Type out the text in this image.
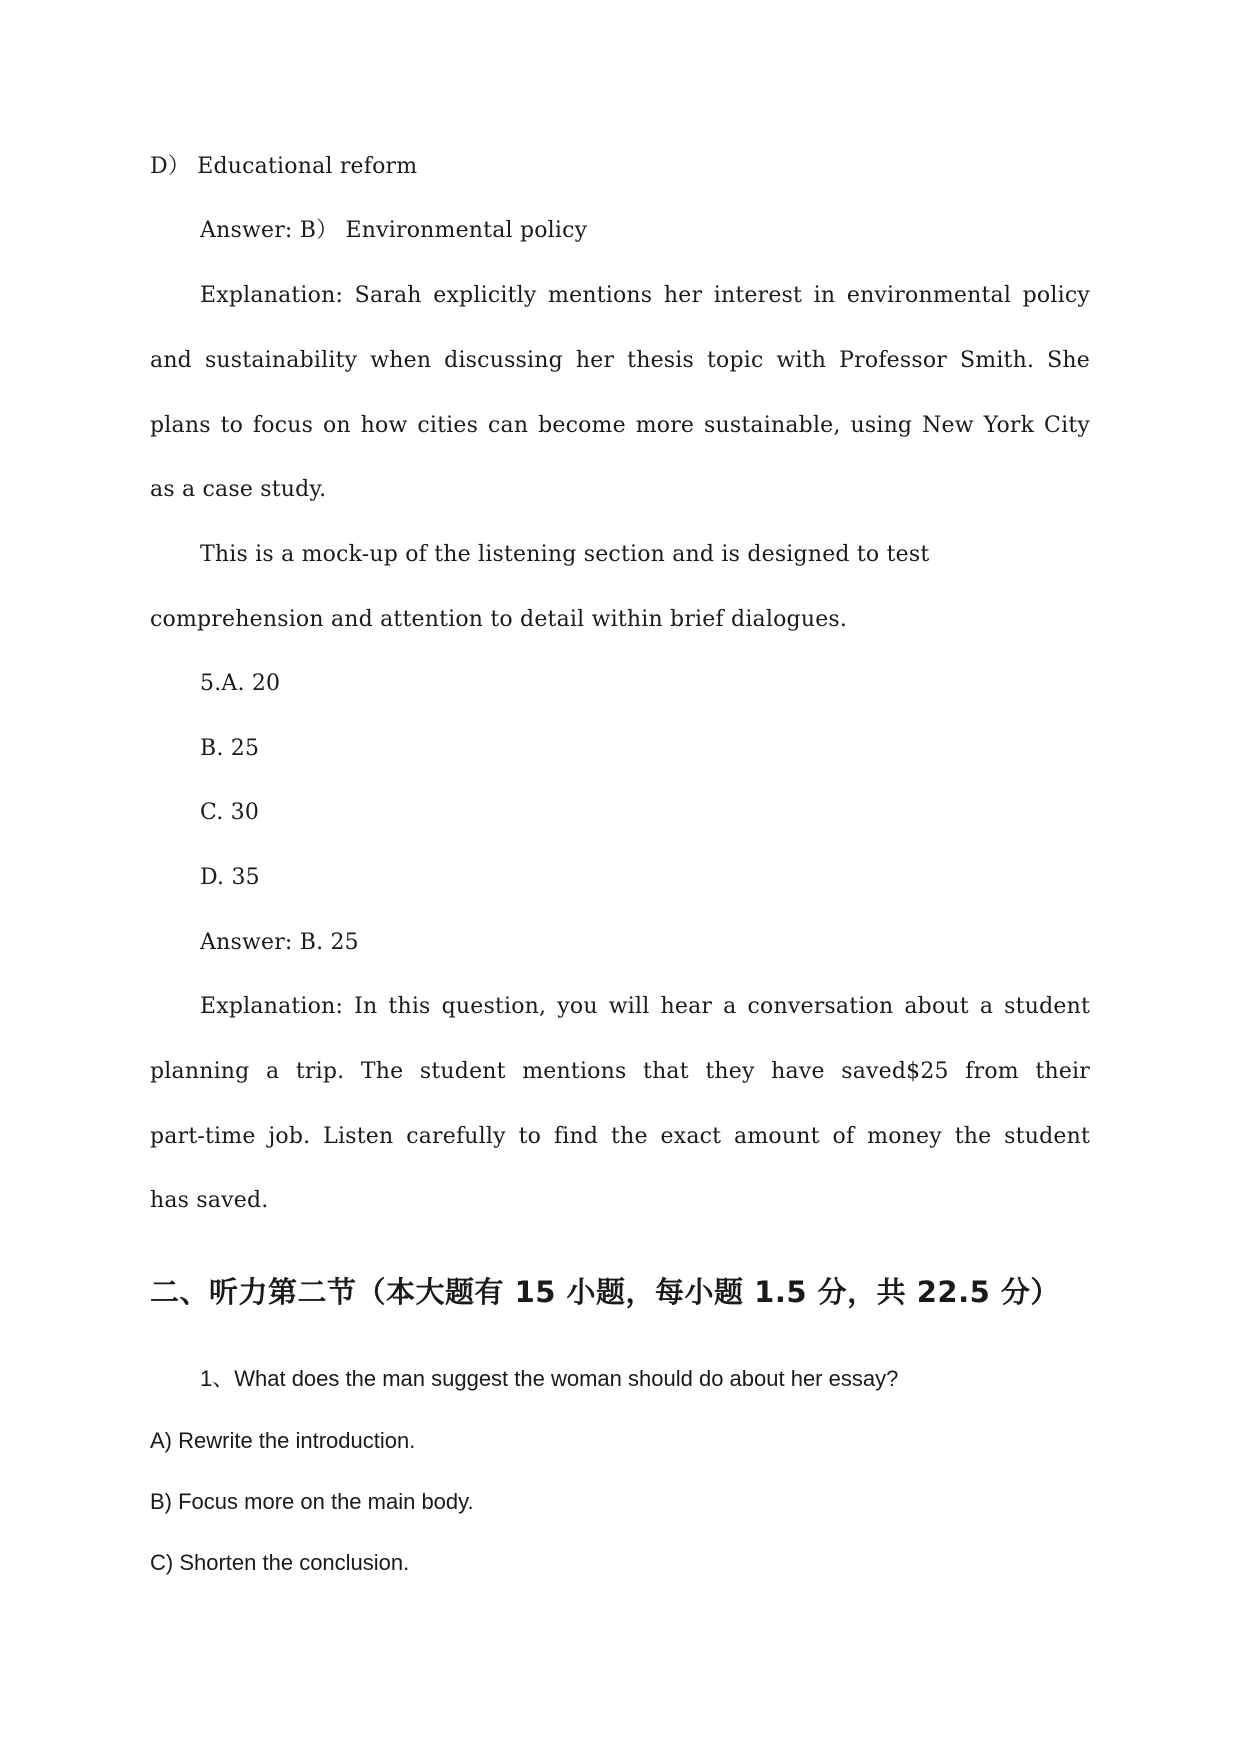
D） Educational reform
Answer: B） Environmental policy
Explanation: Sarah explicitly mentions her interest in environmental policy
and sustainability when discussing her thesis topic with Professor Smith. She
plans to focus on how cities can become more sustainable, using New York City
as a case study.
This is a mock-up of the listening section and is designed to test
comprehension and attention to detail within brief dialogues.
5.A. 20
B. 25
C. 30
D. 35
Answer: B. 25
Explanation: In this question, you will hear a conversation about a student
planning a trip. The student mentions that they have saved$25 from their
part-time job. Listen carefully to find the exact amount of money the student
has saved.
二、听力第二节（本大题有 15 小题，每小题 1.5 分，共 22.5 分）
1、What does the man suggest the woman should do about her essay?
A) Rewrite the introduction.
B) Focus more on the main body.
C) Shorten the conclusion.
